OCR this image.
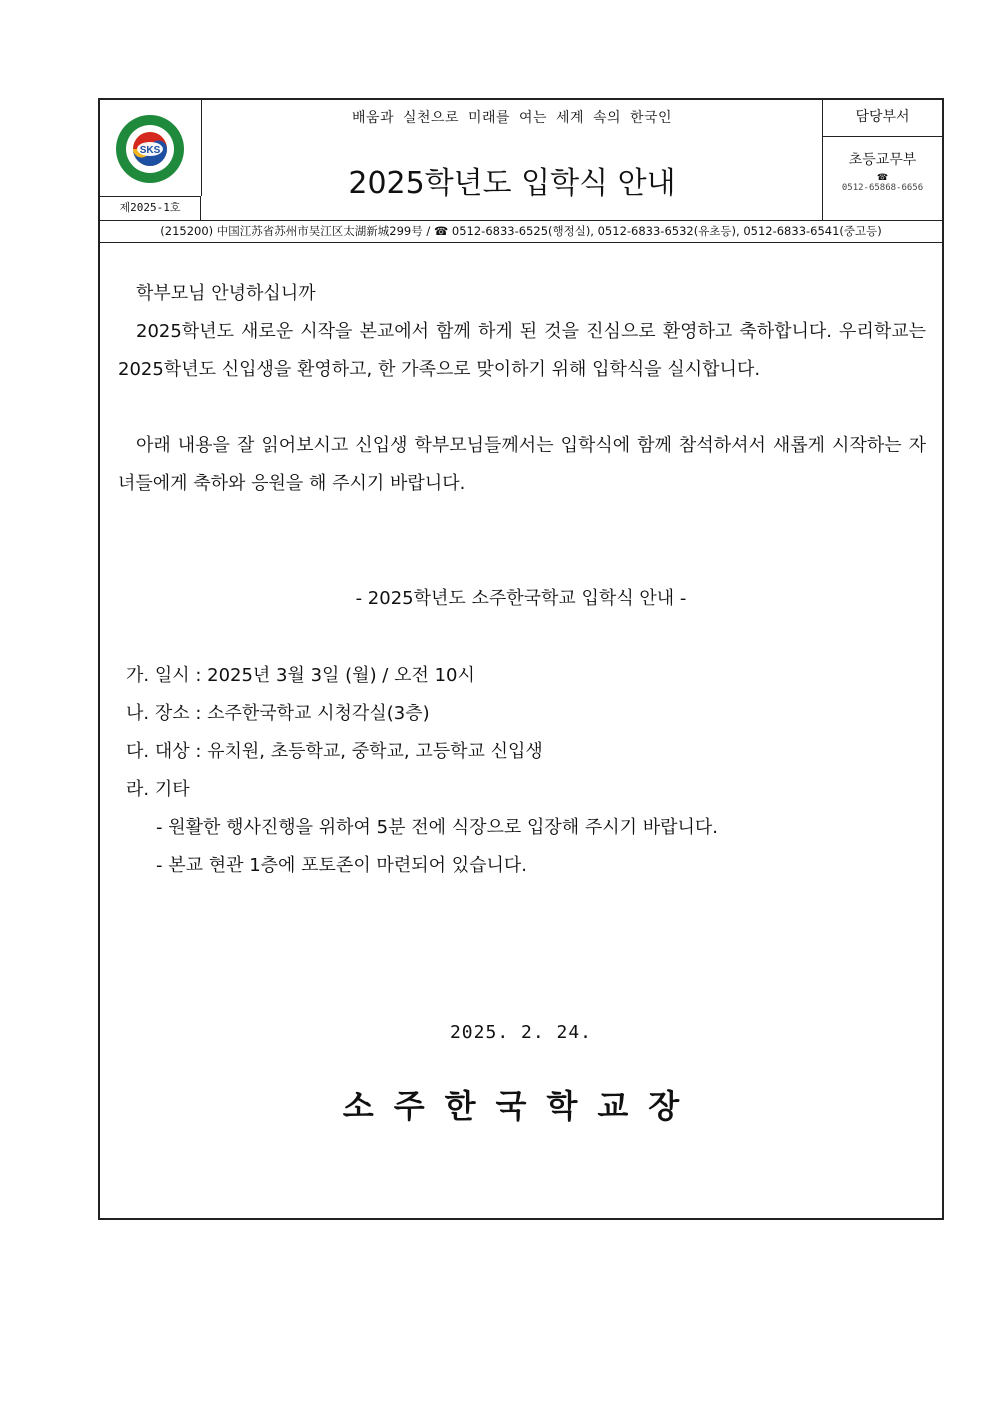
SKS
제2025-1호
배움과 실천으로 미래를 여는 세계 속의 한국인
2025학년도 입학식 안내
담당부서
초등교무부
☎
0512-65868-6656
(215200) 中国江苏省苏州市吴江区太湖新城299号 / ☎ 0512-6833-6525(행정실), 0512-6833-6532(유초등), 0512-6833-6541(중고등)
학부모님 안녕하십니까
2025학년도 새로운 시작을 본교에서 함께 하게 된 것을 진심으로 환영하고 축하합니다. 우리학교는 2025학년도 신입생을 환영하고, 한 가족으로 맞이하기 위해 입학식을 실시합니다.
아래 내용을 잘 읽어보시고 신입생 학부모님들께서는 입학식에 함께 참석하셔서 새롭게 시작하는 자녀들에게 축하와 응원을 해 주시기 바랍니다.
- 2025학년도 소주한국학교 입학식 안내 -
가. 일시 : 2025년 3월 3일 (월) / 오전 10시
나. 장소 : 소주한국학교 시청각실(3층)
다. 대상 : 유치원, 초등학교, 중학교, 고등학교 신입생
라. 기타
- 원활한 행사진행을 위하여 5분 전에 식장으로 입장해 주시기 바랍니다.
- 본교 현관 1층에 포토존이 마련되어 있습니다.
2025. 2. 24.
소주한국학교장
